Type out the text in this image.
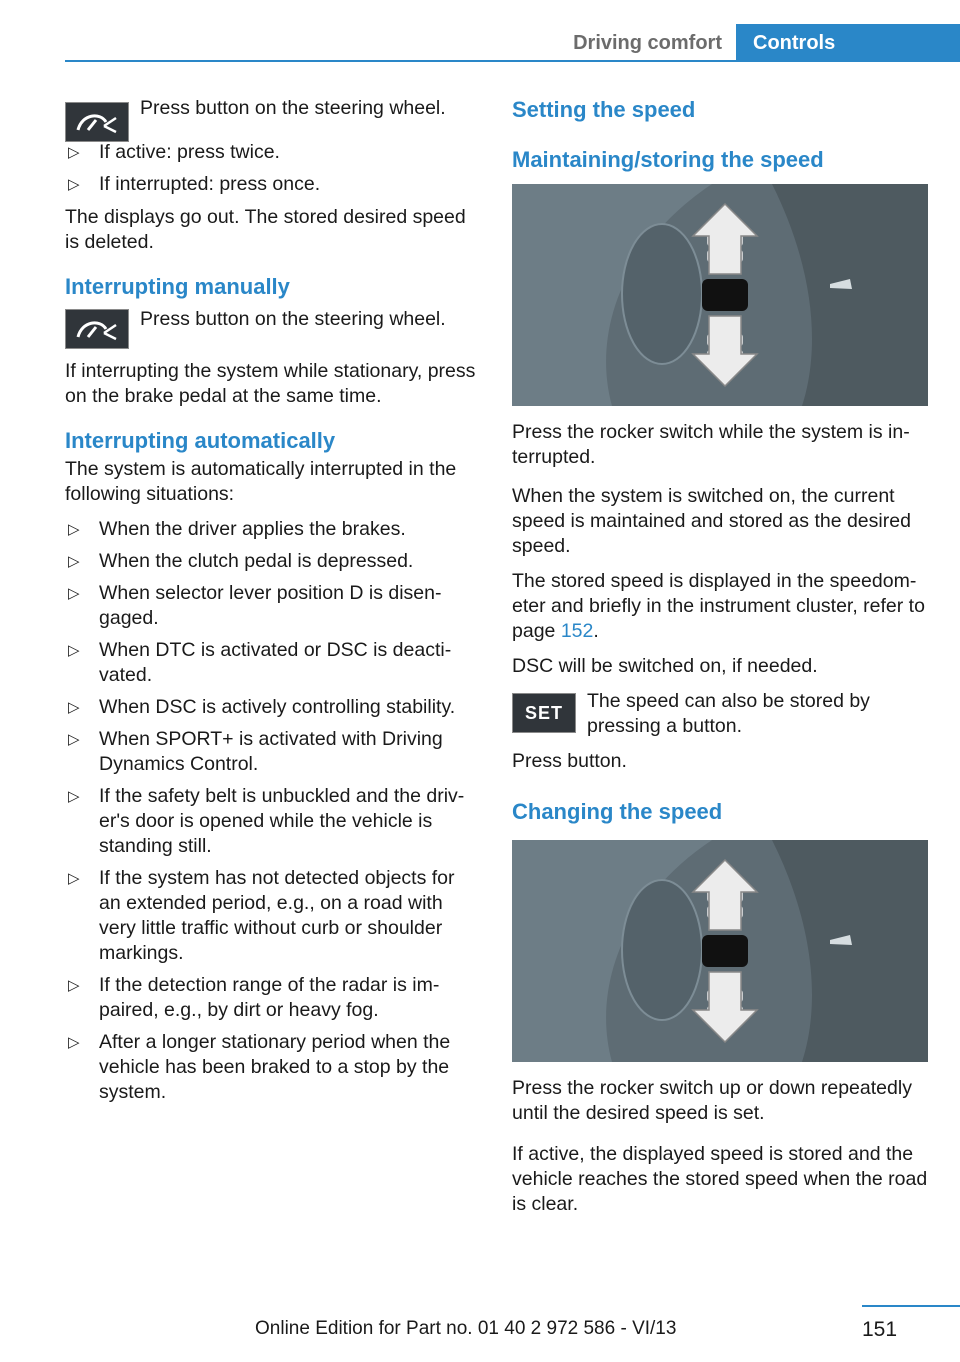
Driving comfort	Controls

Press button on the steering wheel.

▷ If active: press twice.
▷ If interrupted: press once.

The displays go out. The stored desired speed is deleted.

Interrupting manually

Press button on the steering wheel.

If interrupting the system while stationary, press on the brake pedal at the same time.

Interrupting automatically

The system is automatically interrupted in the following situations:

▷ When the driver applies the brakes.
▷ When the clutch pedal is depressed.
▷ When selector lever position D is disen‐gaged.
▷ When DTC is activated or DSC is deacti‐vated.
▷ When DSC is actively controlling stability.
▷ When SPORT+ is activated with Driving Dynamics Control.
▷ If the safety belt is unbuckled and the driv‐er's door is opened while the vehicle is standing still.
▷ If the system has not detected objects for an extended period, e.g., on a road with very little traffic without curb or shoulder markings.
▷ If the detection range of the radar is im‐paired, e.g., by dirt or heavy fog.
▷ After a longer stationary period when the vehicle has been braked to a stop by the system.
Setting the speed
Maintaining/storing the speed

Press the rocker switch while the system is in‐terrupted.

When the system is switched on, the current speed is maintained and stored as the desired speed.

The stored speed is displayed in the speedom‐eter and briefly in the instrument cluster, refer to page 152.

DSC will be switched on, if needed.

SET

The speed can also be stored by pressing a button.

Press button.

Changing the speed

Press the rocker switch up or down repeatedly until the desired speed is set.

If active, the displayed speed is stored and the vehicle reaches the stored speed when the road is clear.

151
Online Edition for Part no. 01 40 2 972 586 - VI/13
